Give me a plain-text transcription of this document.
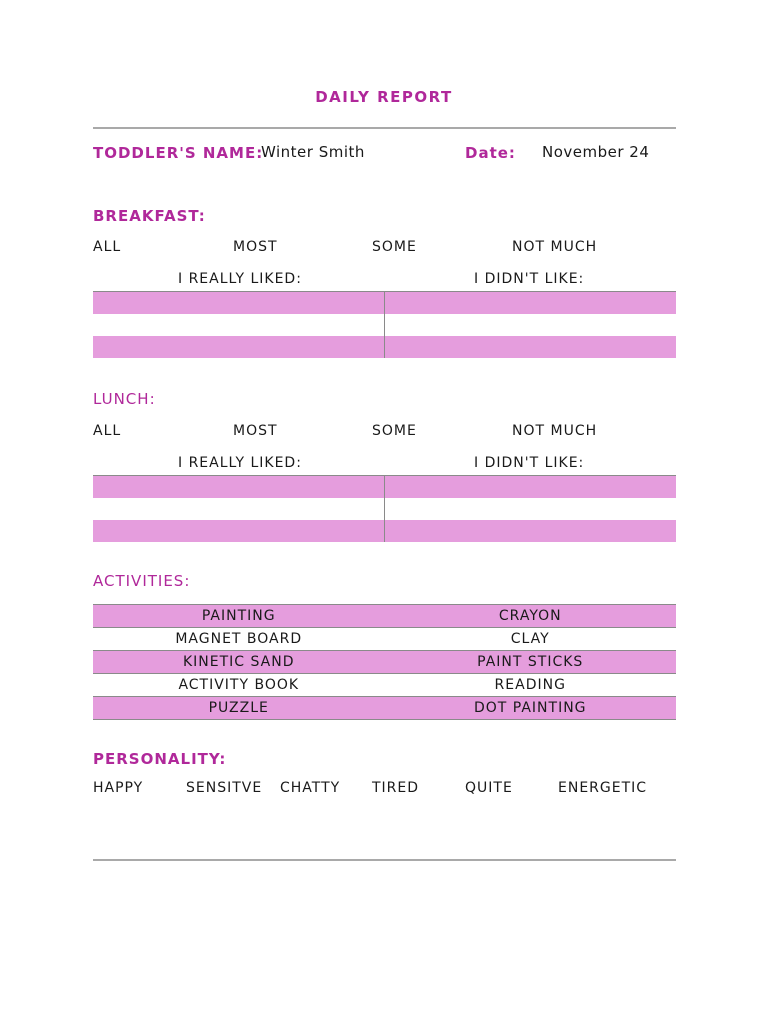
DAILY REPORT
TODDLER'S NAME:
Winter Smith	Date: November 24
BREAKFAST:
ALL	MOST	SOME	NOT MUCH
I REALLY LIKED:	I DIDN'T LIKE:
LUNCH:
ALL	MOST	SOME	NOT MUCH
I REALLY LIKED:	I DIDN'T LIKE:
ACTIVITIES:
PAINTING	CRAYON
MAGNET BOARD	CLAY
KINETIC SAND	PAINT STICKS
ACTIVITY BOOK	READING
PUZZLE	DOT PAINTING
PERSONALITY:
HAPPY	SENSITVE CHATTY TIRED	QUITE	ENERGETIC
